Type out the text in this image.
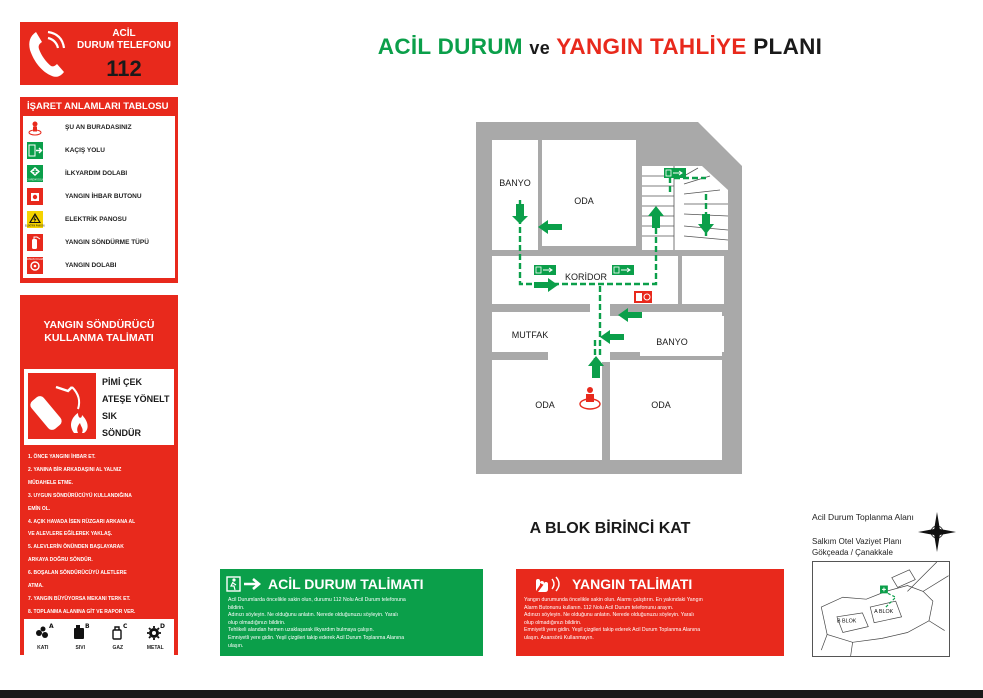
ACİL
DURUM TELEFONU
112
İŞARET ANLAMLARI TABLOSU
ŞU AN BURADASINIZ
KAÇIŞ YOLU
İLK YARDIM DOLABI
İLKYARDIM DOLABI
YANGIN İHBAR BUTONU
ELEKTRİK PANOSU
ELEKTRİK PANOSU
YANGIN SÖNDÜRME TÜPÜ
YANGIN DOLABI
YANGIN DOLABI
YANGIN SÖNDÜRÜCÜ
KULLANMA TALİMATI
PİMİ ÇEK
ATEŞE YÖNELT
SIK
SÖNDÜR
1. ÖNCE YANGINI İHBAR ET.
2. YANINA BİR ARKADAŞINI AL YALNIZ
MÜDAHELE ETME.
3. UYGUN SÖNDÜRÜCÜYÜ KULLANDIĞINA
EMİN OL.
4. AÇIK HAVADA İSEN RÜZGARI ARKANA AL
VE ALEVLERE EĞİLEREK YAKLAŞ.
5. ALEVLERİN ÖNÜNDEN BAŞLAYARAK
ARKAYA DOĞRU SÖNDÜR.
6. BOŞALAN SÖNDÜRÜCÜYÜ ALETLERE
ATMA.
7. YANGIN BÜYÜYORSA MEKANI TERK ET.
8. TOPLANMA ALANINA GİT VE RAPOR VER.
A
KATI
B
SIVI
C
GAZ
D
METAL
ACİL DURUM ve YANGIN TAHLİYE PLANI
BANYO
ODA
KORİDOR
MUTFAK
BANYO
ODA	ODA
A BLOK BİRİNCİ KAT
ACİL DURUM TALİMATI
Acil Durumlarda öncelikle sakin olun, durumu 112 Nolu Acil Durum telefonuna
bildirin.
Adınızı söyleyin. Ne olduğunu anlatın. Nerede olduğunuzu söyleyin. Yaralı
olup olmadığınızı bildirin.
Tehlikeli alandan hemen uzaklaşarak ilkyardım bulmaya çalışın.
Emniyetli yere gidin. Yeşil çizgileri takip ederek Acil Durum Toplanma Alanına
ulaşın.
YANGIN TALİMATI
Yangın durumunda öncelikle sakin olun. Alarmı çalıştırın. En yakındaki Yangın
Alarm Butonunu kullanın. 112 Nolu Acil Durum telefonunu arayın.
Adınızı söyleyin. Ne olduğunu anlatın. Nerede olduğunuzu söyleyin. Yaralı
olup olmadığınızı bildirin.
Emniyetli yere gidin. Yeşil çizgileri takip ederek Acil Durum Toplanma Alanına
ulaşın. Asansörü Kullanmayın.
Acil Durum Toplanma Alanı
Salkım Otel Vaziyet Planı
Gökçeada / Çanakkale
A BLOK
B BLOK
